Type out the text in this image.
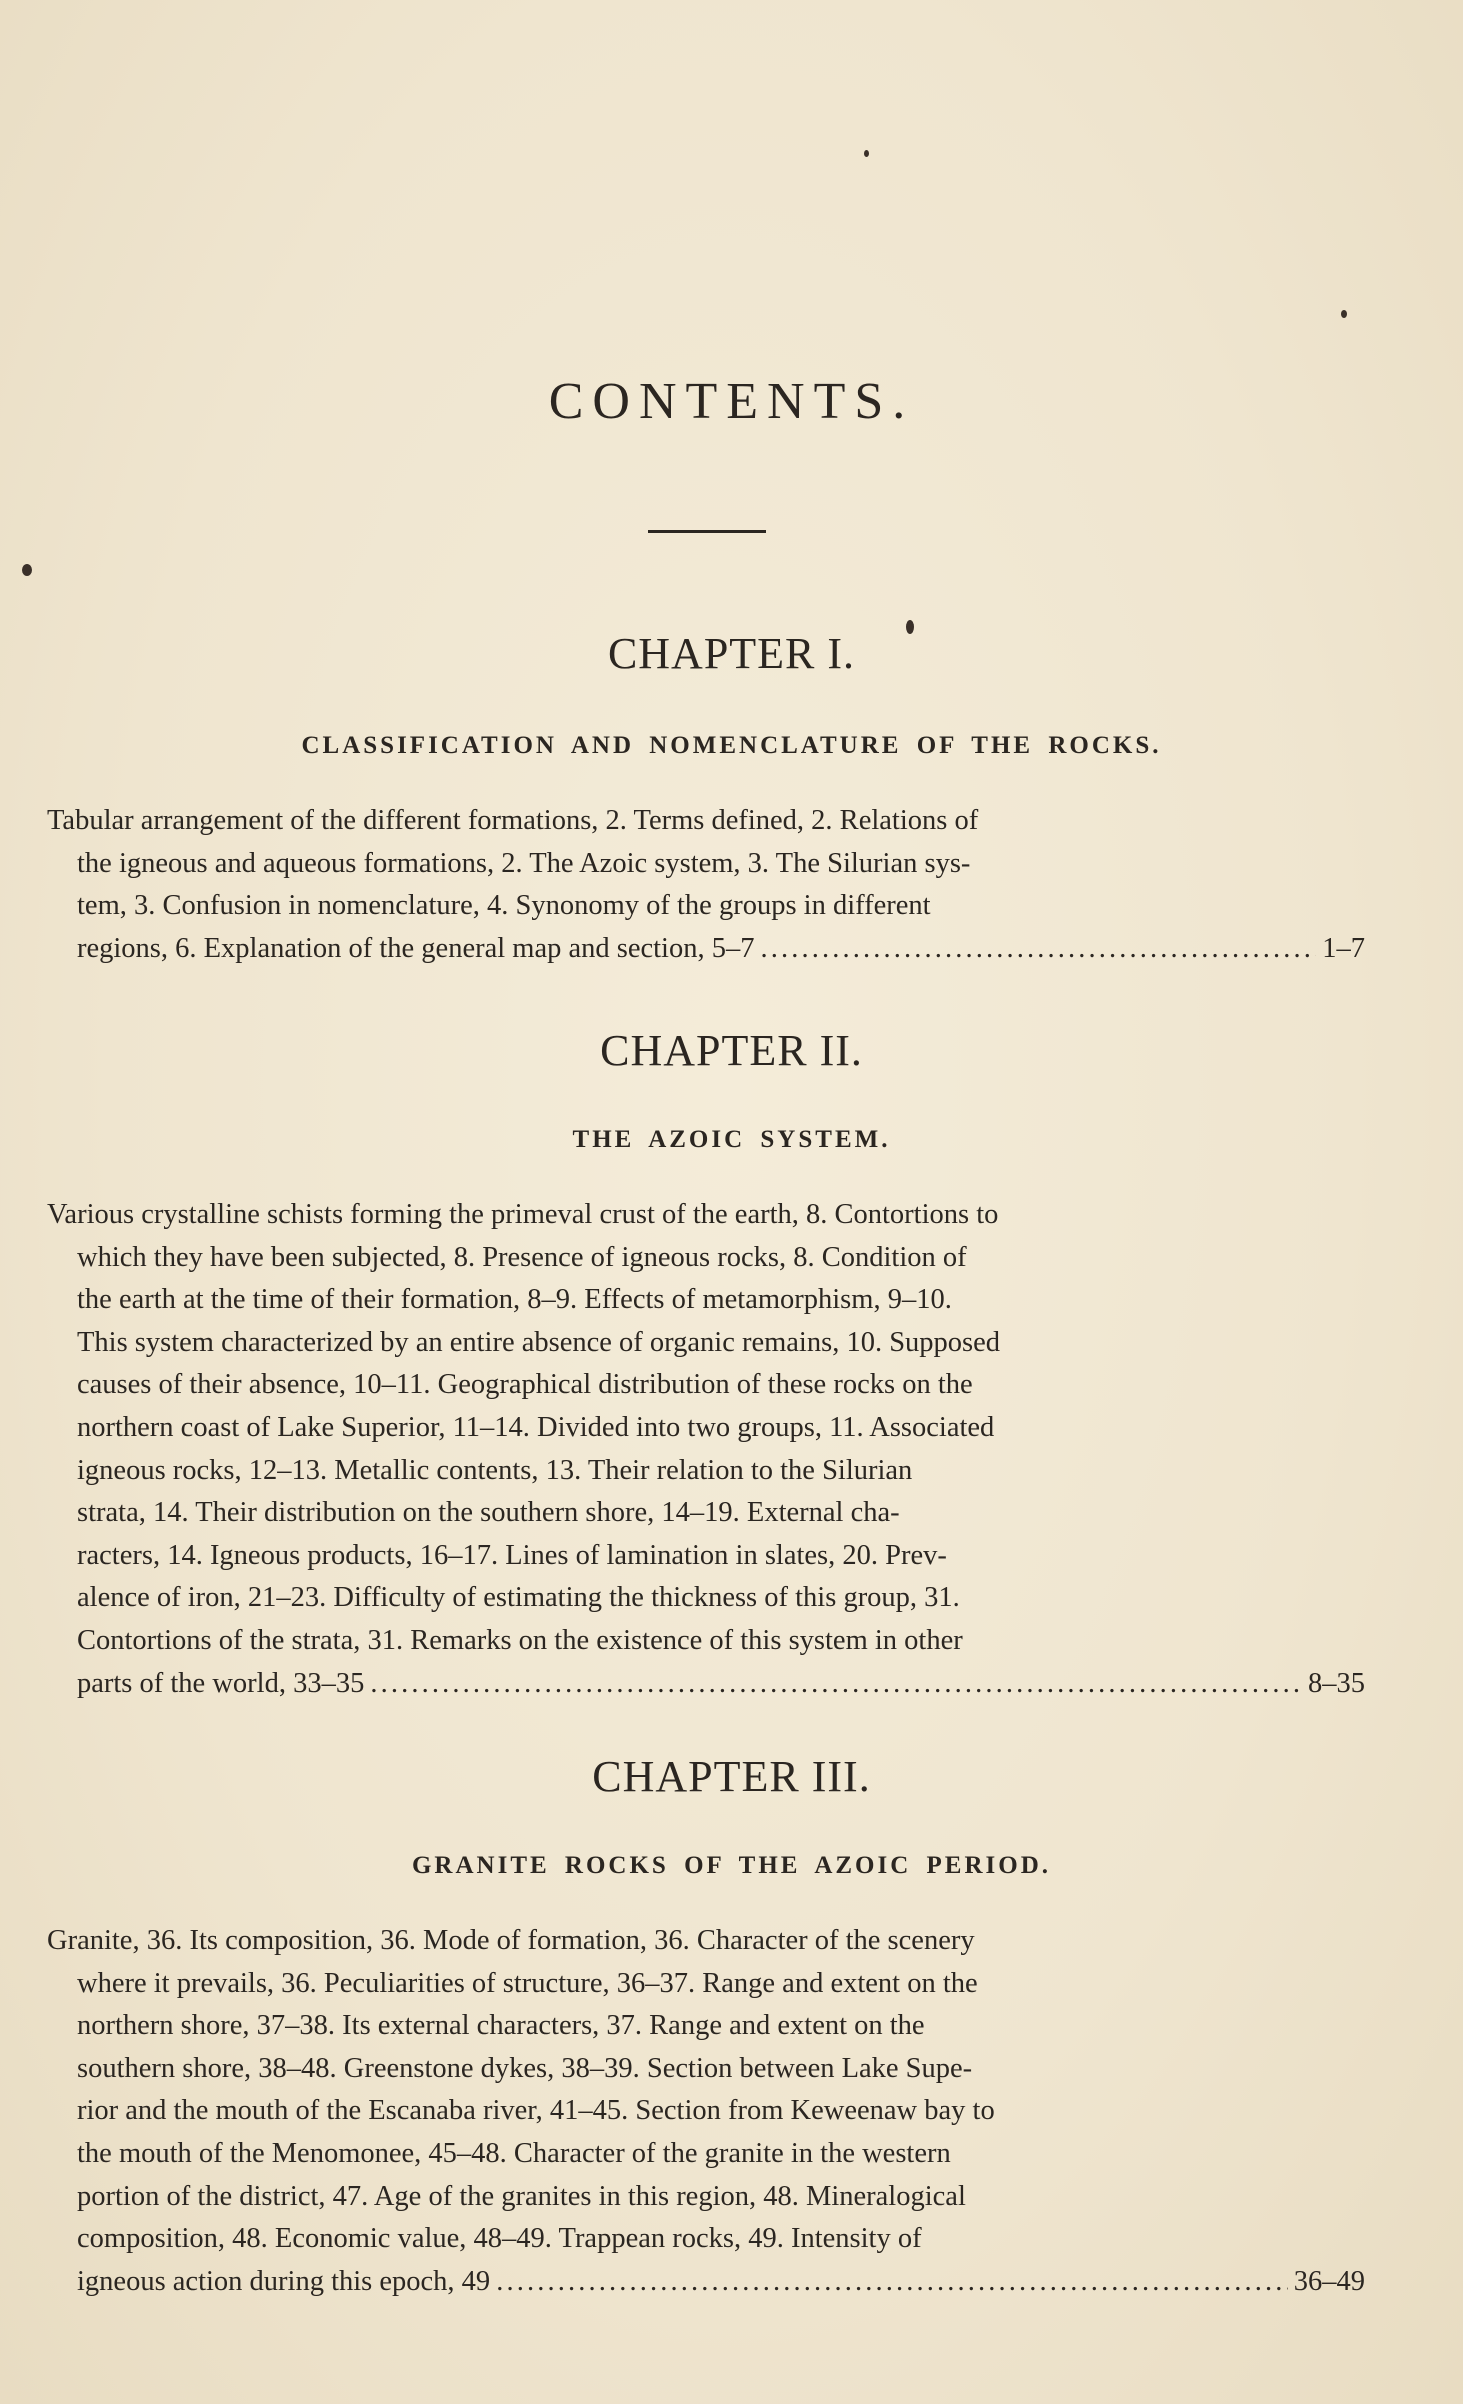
CONTENTS.
CHAPTER I.
CLASSIFICATION AND NOMENCLATURE OF THE ROCKS.
Tabular arrangement of the different formations, 2. Terms defined, 2. Relations of
the igneous and aqueous formations, 2. The Azoic system, 3. The Silurian sys-
tem, 3. Confusion in nomenclature, 4. Synonomy of the groups in different
regions, 6. Explanation of the general map and section, 5–7 . . .	1–7
CHAPTER II.
THE AZOIC SYSTEM.
Various crystalline schists forming the primeval crust of the earth, 8. Contortions to
which they have been subjected, 8. Presence of igneous rocks, 8. Condition of
the earth at the time of their formation, 8–9. Effects of metamorphism, 9–10.
This system characterized by an entire absence of organic remains, 10. Supposed
causes of their absence, 10–11. Geographical distribution of these rocks on the
northern coast of Lake Superior, 11–14. Divided into two groups, 11. Associated
igneous rocks, 12–13. Metallic contents, 13. Their relation to the Silurian
strata, 14. Their distribution on the southern shore, 14–19. External cha-
racters, 14. Igneous products, 16–17. Lines of lamination in slates, 20. Prev-
alence of iron, 21–23. Difficulty of estimating the thickness of this group, 31.
Contortions of the strata, 31. Remarks on the existence of this system in other
parts of the world, 33–35 . . .	8–35
CHAPTER III.
GRANITE ROCKS OF THE AZOIC PERIOD.
Granite, 36. Its composition, 36. Mode of formation, 36. Character of the scenery
where it prevails, 36. Peculiarities of structure, 36–37. Range and extent on the
northern shore, 37–38. Its external characters, 37. Range and extent on the
southern shore, 38–48. Greenstone dykes, 38–39. Section between Lake Supe-
rior and the mouth of the Escanaba river, 41–45. Section from Keweenaw bay to
the mouth of the Menomonee, 45–48. Character of the granite in the western
portion of the district, 47. Age of the granites in this region, 48. Mineralogical
composition, 48. Economic value, 48–49. Trappean rocks, 49. Intensity of
igneous action during this epoch, 49 . . .	36–49
